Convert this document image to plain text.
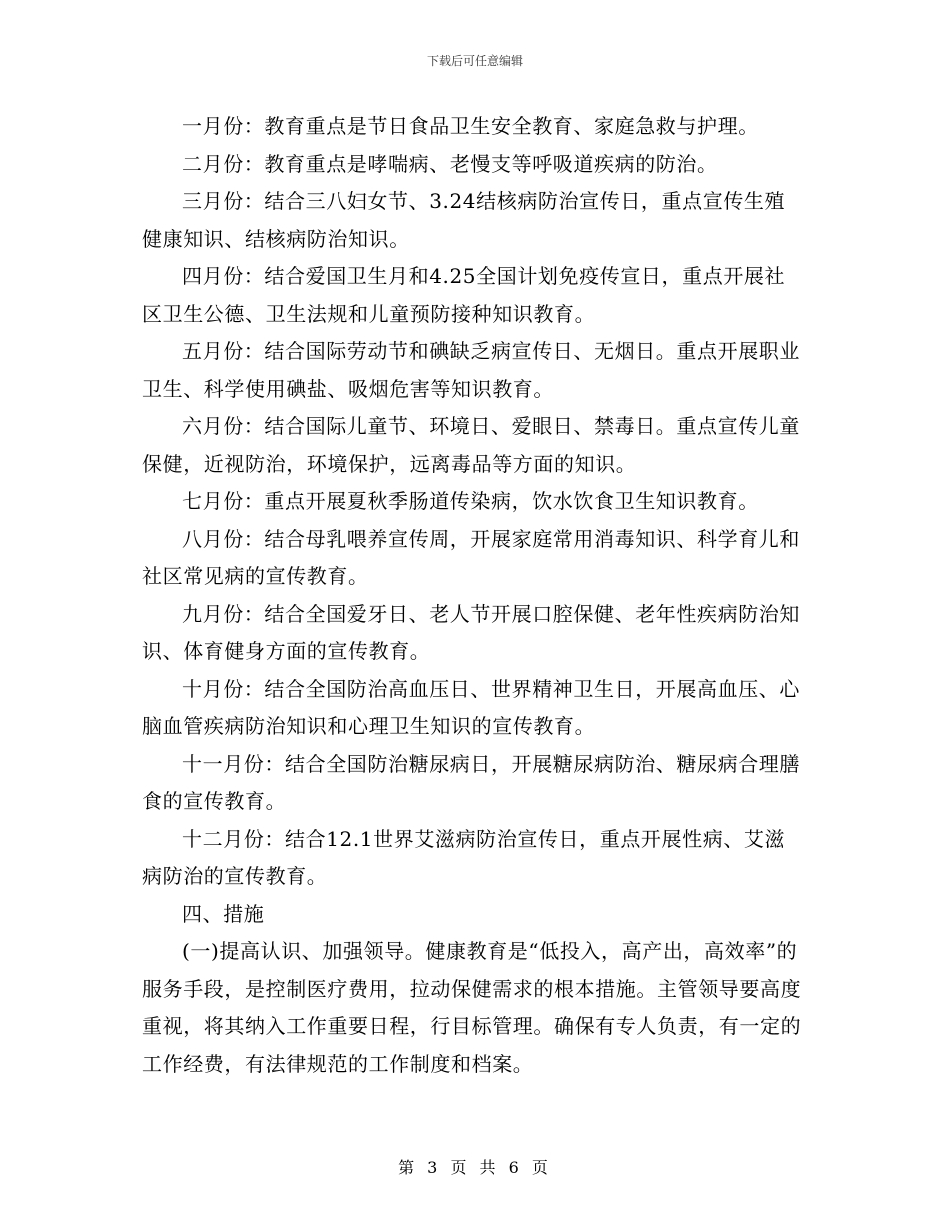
下载后可任意编辑

一月份：教育重点是节日食品卫生安全教育、家庭急救与护理。

二月份：教育重点是哮喘病、老慢支等呼吸道疾病的防治。

三月份：结合三八妇女节、3.24结核病防治宣传日，重点宣传生殖健康知识、结核病防治知识。

四月份：结合爱国卫生月和4.25全国计划免疫传宣日，重点开展社区卫生公德、卫生法规和儿童预防接种知识教育。

五月份：结合国际劳动节和碘缺乏病宣传日、无烟日。重点开展职业卫生、科学使用碘盐、吸烟危害等知识教育。

六月份：结合国际儿童节、环境日、爱眼日、禁毒日。重点宣传儿童保健，近视防治，环境保护，远离毒品等方面的知识。

七月份：重点开展夏秋季肠道传染病，饮水饮食卫生知识教育。

八月份：结合母乳喂养宣传周，开展家庭常用消毒知识、科学育儿和社区常见病的宣传教育。

九月份：结合全国爱牙日、老人节开展口腔保健、老年性疾病防治知识、体育健身方面的宣传教育。

十月份：结合全国防治高血压日、世界精神卫生日，开展高血压、心脑血管疾病防治知识和心理卫生知识的宣传教育。

十一月份：结合全国防治糖尿病日，开展糖尿病防治、糖尿病合理膳食的宣传教育。

十二月份：结合12.1世界艾滋病防治宣传日，重点开展性病、艾滋病防治的宣传教育。

四、措施

(一)提高认识、加强领导。健康教育是“低投入，高产出，高效率”的服务手段，是控制医疗费用，拉动保健需求的根本措施。主管领导要高度重视，将其纳入工作重要日程，行目标管理。确保有专人负责，有一定的工作经费，有法律规范的工作制度和档案。

第 3 页 共 6 页
